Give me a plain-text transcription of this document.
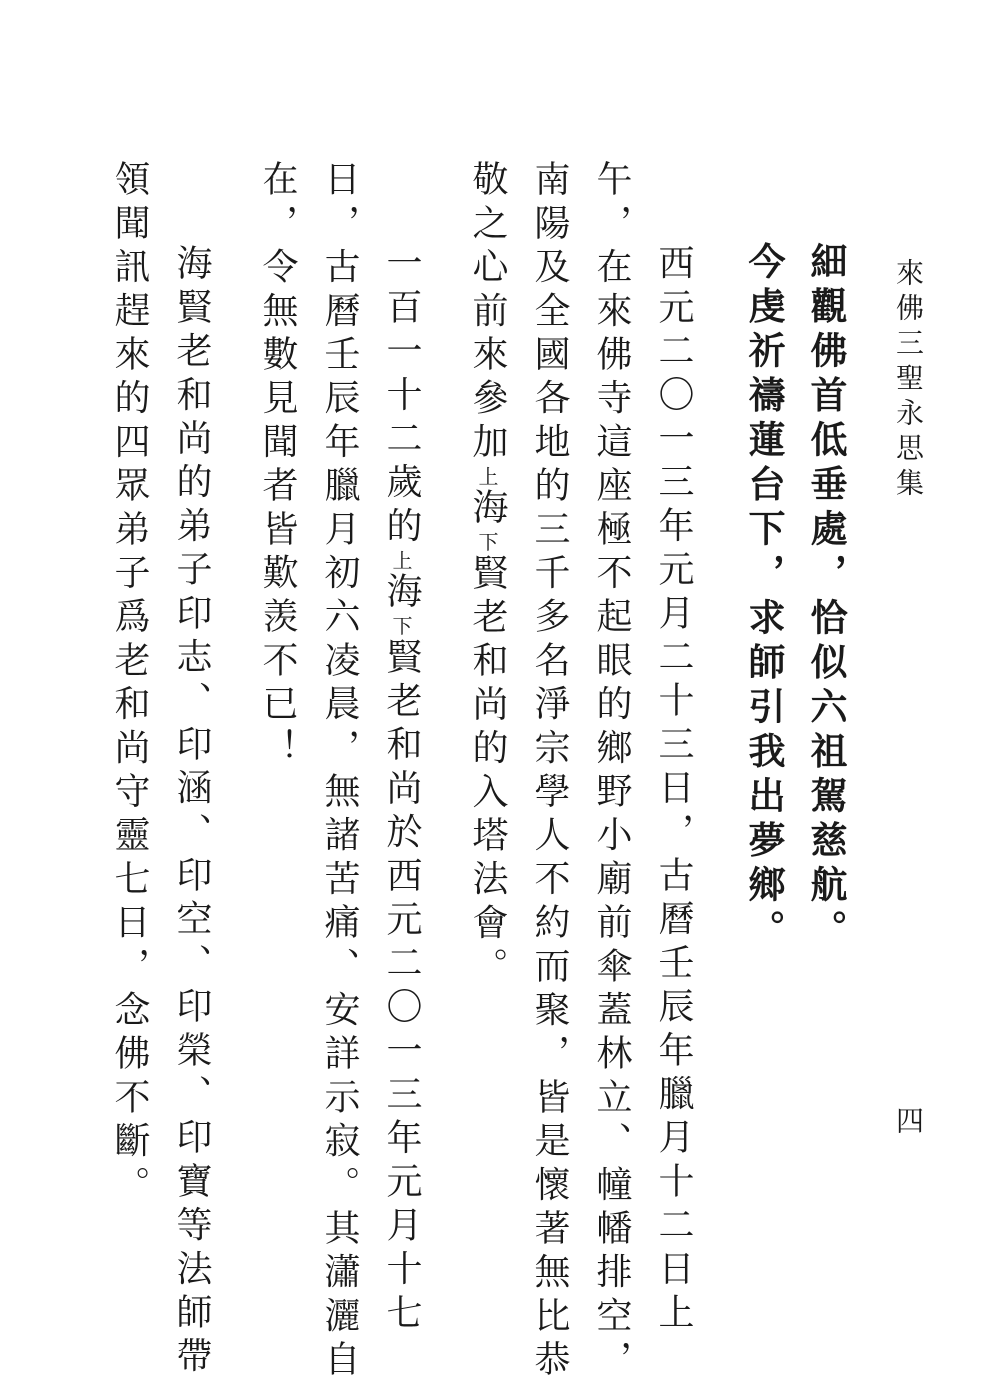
來佛三聖永思集
四
細觀佛首低垂處，恰似六祖駕慈航。
今虔祈禱蓮台下，求師引我出夢鄉。
西元二〇一三年元月二十三日，古曆壬辰年臘月十二日上
午，在來佛寺這座極不起眼的鄉野小廟前傘蓋林立、幢幡排空，
南陽及全國各地的三千多名淨宗學人不約而聚，皆是懷著無比恭
敬之心前來參加上海下賢老和尚的入塔法會。
一百一十二歲的上海下賢老和尚於西元二〇一三年元月十七
日，古曆壬辰年臘月初六凌晨，無諸苦痛、安詳示寂。其瀟灑自
在，令無數見聞者皆歎羡不已！
海賢老和尚的弟子印志、印涵、印空、印榮、印寶等法師帶
領聞訊趕來的四眾弟子爲老和尚守靈七日，念佛不斷。
